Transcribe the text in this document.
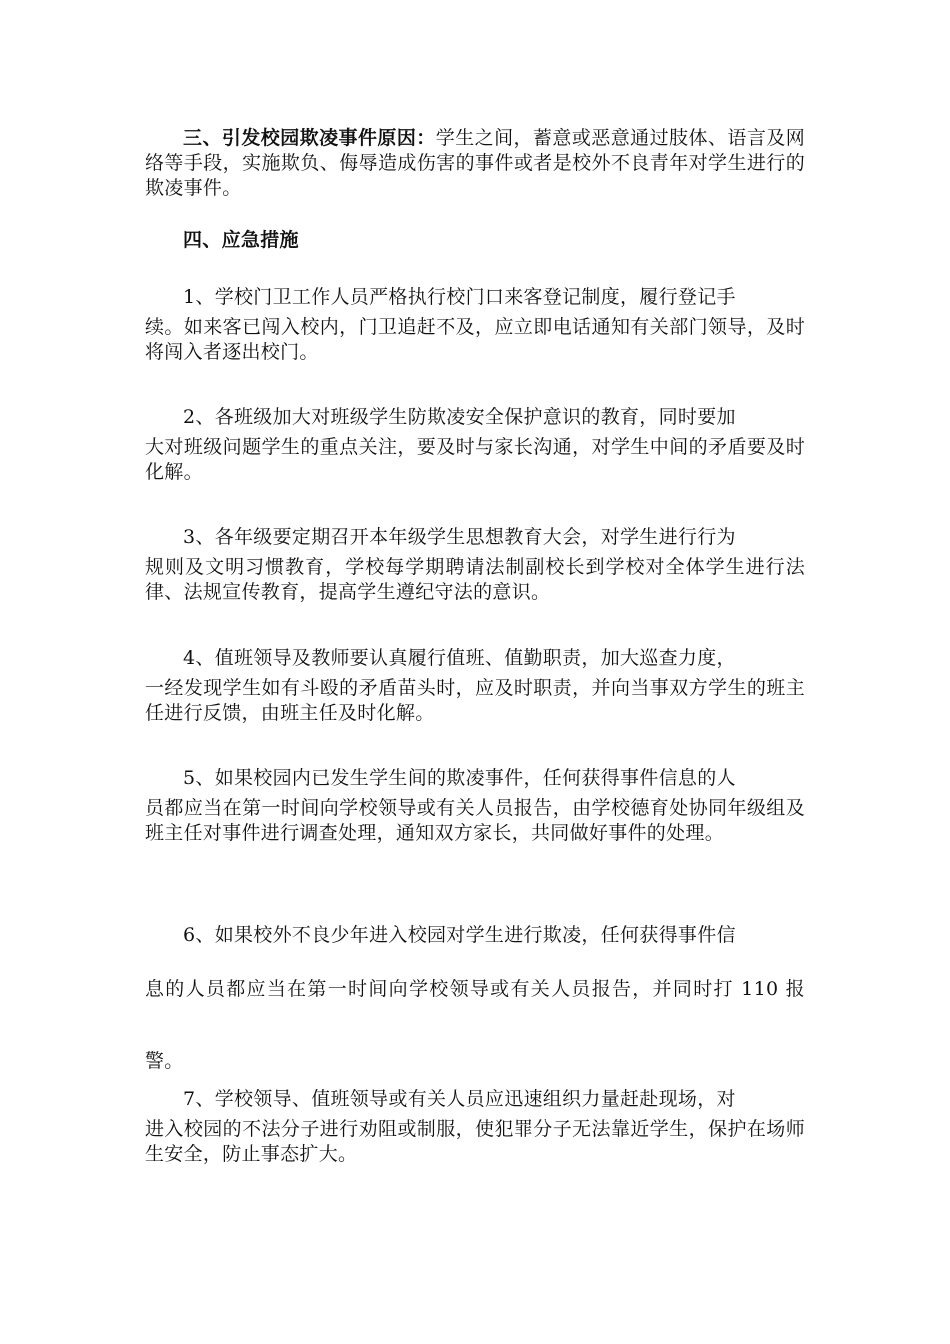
三、引发校园欺凌事件原因：学生之间，蓄意或恶意通过肢体、语言及网络等手段，实施欺负、侮辱造成伤害的事件或者是校外不良青年对学生进行的欺凌事件。

四、应急措施

1、学校门卫工作人员严格执行校门口来客登记制度，履行登记手
续。如来客已闯入校内，门卫追赶不及，应立即电话通知有关部门领导，及时将闯入者逐出校门。

2、各班级加大对班级学生防欺凌安全保护意识的教育，同时要加
大对班级问题学生的重点关注，要及时与家长沟通，对学生中间的矛盾要及时化解。

3、各年级要定期召开本年级学生思想教育大会，对学生进行行为
规则及文明习惯教育，学校每学期聘请法制副校长到学校对全体学生进行法律、法规宣传教育，提高学生遵纪守法的意识。

4、值班领导及教师要认真履行值班、值勤职责，加大巡查力度，
一经发现学生如有斗殴的矛盾苗头时，应及时职责，并向当事双方学生的班主任进行反馈，由班主任及时化解。

5、如果校园内已发生学生间的欺凌事件，任何获得事件信息的人
员都应当在第一时间向学校领导或有关人员报告，由学校德育处协同年级组及班主任对事件进行调查处理，通知双方家长，共同做好事件的处理。

6、如果校外不良少年进入校园对学生进行欺凌，任何获得事件信
息的人员都应当在第一时间向学校领导或有关人员报告，并同时打 110 报警。

7、学校领导、值班领导或有关人员应迅速组织力量赶赴现场，对
进入校园的不法分子进行劝阻或制服，使犯罪分子无法靠近学生，保护在场师生安全，防止事态扩大。
